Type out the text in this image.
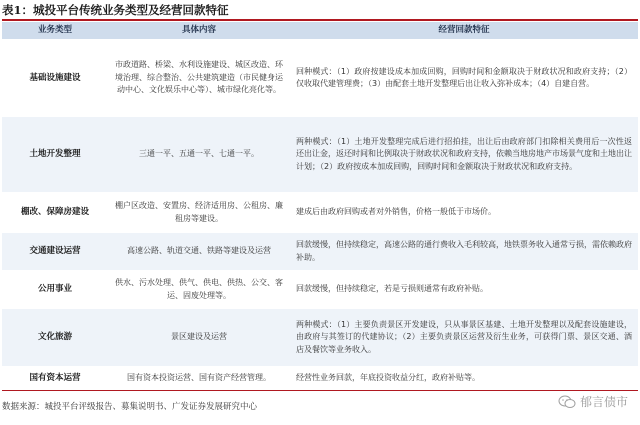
表1：城投平台传统业务类型及经营回款特征
业务类型	具体内容	经营回款特征
基础设施建设	市政道路、桥梁、水利设施建设、城区改造、环境治理、综合整治、公共建筑建造（市民健身运动中心、文化娱乐中心等）、城市绿化亮化等。	回种模式：（1）政府按建设成本加成回购，回购时间和金额取决于财政状况和政府支持；（2）仅收取代建管理费；（3）由配套土地开发整理后出让收入弥补成本；（4）自建自营。
土地开发整理	三通一平、五通一平、七通一平。	两种模式：（1）土地开发整理完成后进行招拍挂，出让后由政府部门扣除相关费用后一次性返还出让金，返还时间和比例取决于财政状况和政府支持，依赖当地房地产市场景气度和土地出让计划；（2）政府按成本加成回购，回购时间和金额取决于财政状况和政府支持。
棚改、保障房建设	棚户区改造、安置房、经济适用房、公租房、廉租房等建设。	建成后由政府回购或者对外销售，价格一般低于市场价。
交通建设运营	高速公路、轨道交通、铁路等建设及运营	回款缓慢，但持续稳定，高速公路的通行费收入毛利较高，地铁票务收入通常亏损，需依赖政府补助。
公用事业	供水、污水处理、供气、供电、供热、公交、客运、固废处理等。	回款缓慢，但持续稳定，若是亏损则通常有政府补贴。
文化旅游	景区建设及运营	两种模式：（1）主要负责景区开发建设，只从事景区基建、土地开发整理以及配套设施建设，由政府与其签订的代建协议；（2）主要负责景区运营及衍生业务，可获得门票、景区交通、酒店及餐饮等业务收入。
国有资本运营	国有资本投资运营、国有资产经营管理。	经营性业务回款，年底投资收益分红，政府补贴等。
数据来源：城投平台评级报告、募集说明书、广发证券发展研究中心	郁言债市
